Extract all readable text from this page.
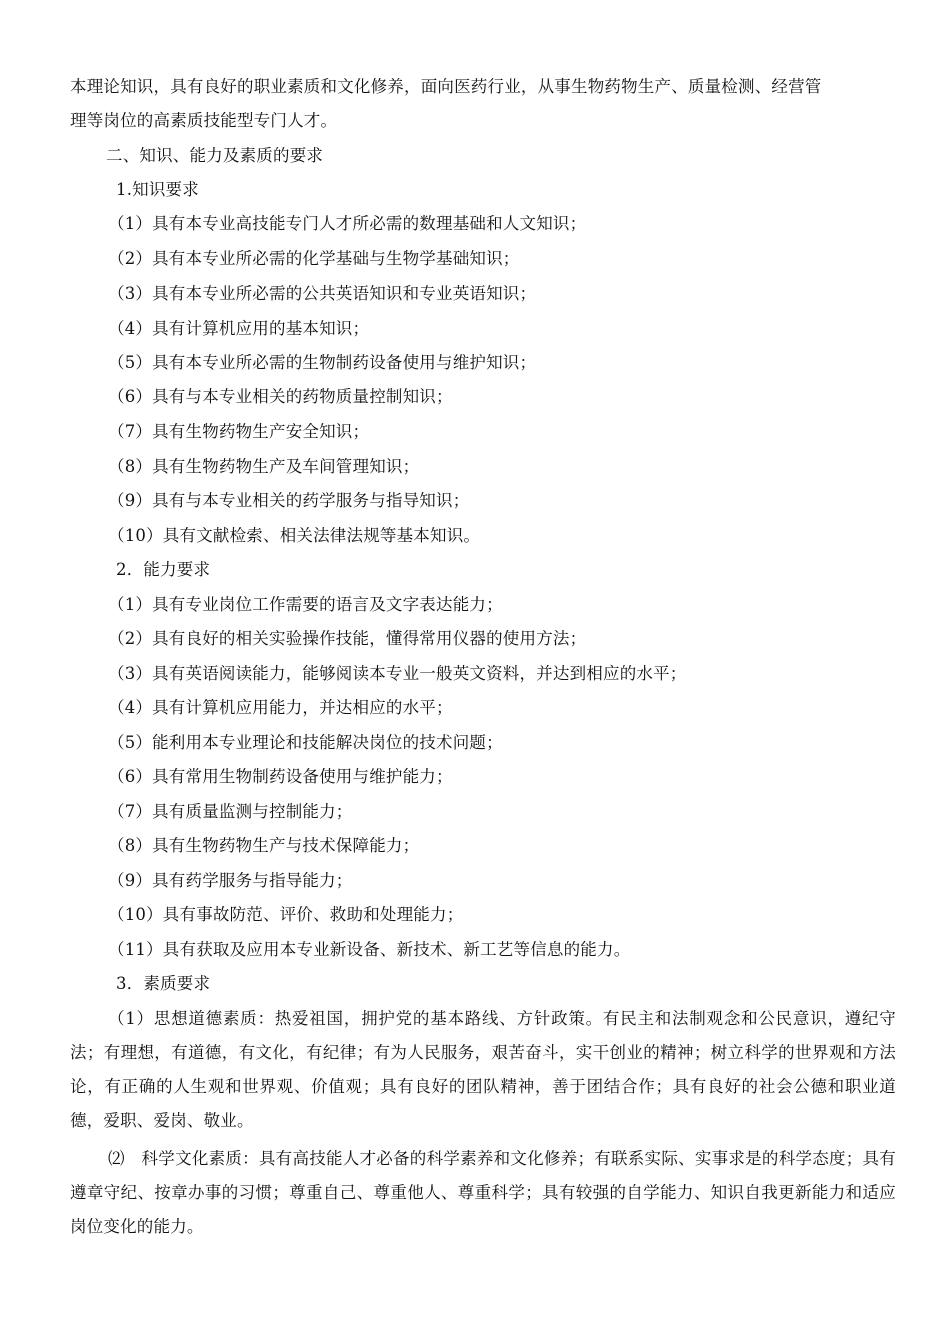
本理论知识，具有良好的职业素质和文化修养，面向医药行业，从事生物药物生产、质量检测、经营管
理等岗位的高素质技能型专门人才。
二、知识、能力及素质的要求
1.知识要求
（1）具有本专业高技能专门人才所必需的数理基础和人文知识；
（2）具有本专业所必需的化学基础与生物学基础知识；
（3）具有本专业所必需的公共英语知识和专业英语知识；
（4）具有计算机应用的基本知识；
（5）具有本专业所必需的生物制药设备使用与维护知识；
（6）具有与本专业相关的药物质量控制知识；
（7）具有生物药物生产安全知识；
（8）具有生物药物生产及车间管理知识；
（9）具有与本专业相关的药学服务与指导知识；
（10）具有文献检索、相关法律法规等基本知识。
2．能力要求
（1）具有专业岗位工作需要的语言及文字表达能力；
（2）具有良好的相关实验操作技能，懂得常用仪器的使用方法；
（3）具有英语阅读能力，能够阅读本专业一般英文资料，并达到相应的水平；
（4）具有计算机应用能力，并达相应的水平；
（5）能利用本专业理论和技能解决岗位的技术问题；
（6）具有常用生物制药设备使用与维护能力；
（7）具有质量监测与控制能力；
（8）具有生物药物生产与技术保障能力；
（9）具有药学服务与指导能力；
（10）具有事故防范、评价、救助和处理能力；
（11）具有获取及应用本专业新设备、新技术、新工艺等信息的能力。
3．素质要求
（1）思想道德素质：热爱祖国，拥护党的基本路线、方针政策。有民主和法制观念和公民意识，遵纪守法；有理想，有道德，有文化，有纪律；有为人民服务，艰苦奋斗，实干创业的精神；树立科学的世界观和方法论，有正确的人生观和世界观、价值观；具有良好的团队精神，善于团结合作；具有良好的社会公德和职业道德，爱职、爱岗、敬业。
⑵　科学文化素质：具有高技能人才必备的科学素养和文化修养；有联系实际、实事求是的科学态度；具有遵章守纪、按章办事的习惯；尊重自己、尊重他人、尊重科学；具有较强的自学能力、知识自我更新能力和适应岗位变化的能力。
